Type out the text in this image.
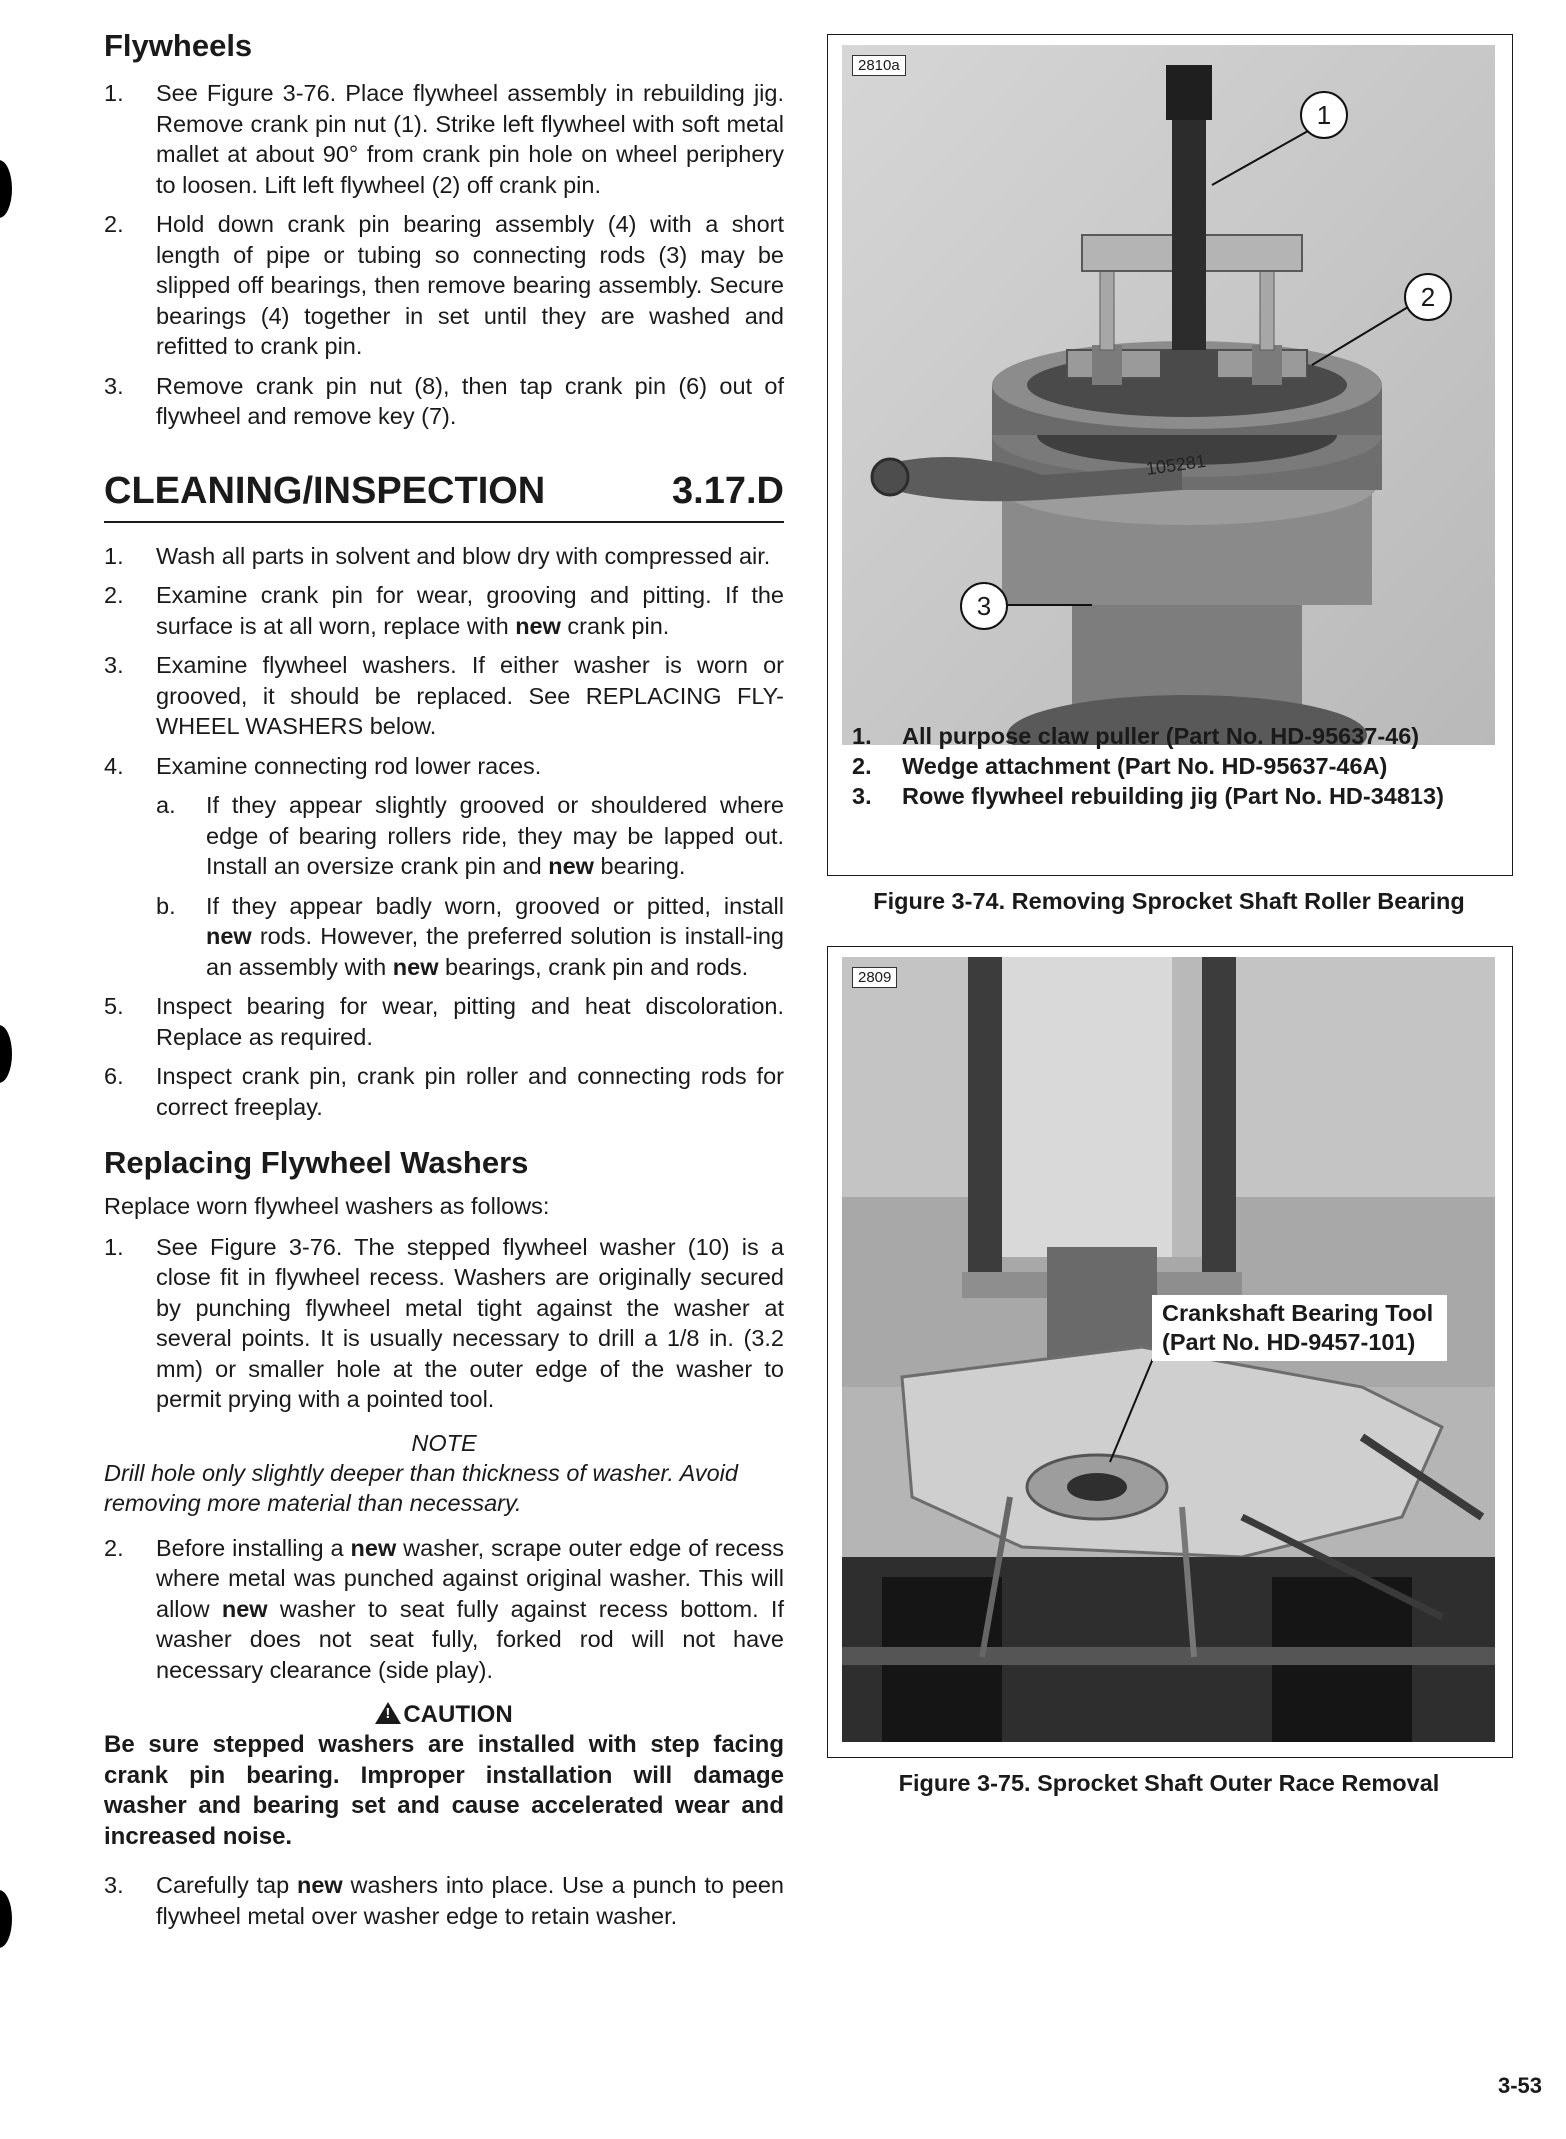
Flywheels
1.	See Figure 3-76. Place flywheel assembly in rebuilding jig. Remove crank pin nut (1). Strike left flywheel with soft metal mallet at about 90° from crank pin hole on wheel periphery to loosen. Lift left flywheel (2) off crank pin.
2.	Hold down crank pin bearing assembly (4) with a short length of pipe or tubing so connecting rods (3) may be slipped off bearings, then remove bearing assembly. Secure bearings (4) together in set until they are washed and refitted to crank pin.
3.	Remove crank pin nut (8), then tap crank pin (6) out of flywheel and remove key (7).
CLEANING/INSPECTION	3.17.D
1.	Wash all parts in solvent and blow dry with compressed air.
2.	Examine crank pin for wear, grooving and pitting. If the surface is at all worn, replace with new crank pin.
3.	Examine flywheel washers. If either washer is worn or grooved, it should be replaced. See REPLACING FLY-WHEEL WASHERS below.
4.	Examine connecting rod lower races.
a.	If they appear slightly grooved or shouldered where edge of bearing rollers ride, they may be lapped out. Install an oversize crank pin and new bearing.
b.	If they appear badly worn, grooved or pitted, install new rods. However, the preferred solution is install-ing an assembly with new bearings, crank pin and rods.
5.	Inspect bearing for wear, pitting and heat discoloration. Replace as required.
6.	Inspect crank pin, crank pin roller and connecting rods for correct freeplay.
Replacing Flywheel Washers
Replace worn flywheel washers as follows:
1.	See Figure 3-76. The stepped flywheel washer (10) is a close fit in flywheel recess. Washers are originally secured by punching flywheel metal tight against the washer at several points. It is usually necessary to drill a 1/8 in. (3.2 mm) or smaller hole at the outer edge of the washer to permit prying with a pointed tool.
NOTE
Drill hole only slightly deeper than thickness of washer. Avoid removing more material than necessary.
2.	Before installing a new washer, scrape outer edge of recess where metal was punched against original washer. This will allow new washer to seat fully against recess bottom. If washer does not seat fully, forked rod will not have necessary clearance (side play).
!CAUTION
Be sure stepped washers are installed with step facing crank pin bearing. Improper installation will damage washer and bearing set and cause accelerated wear and increased noise.
3.	Carefully tap new washers into place. Use a punch to peen flywheel metal over washer edge to retain washer.
2810a
105281
1
2
3
1.	All purpose claw puller (Part No. HD-95637-46)
2.	Wedge attachment (Part No. HD-95637-46A)
3.	Rowe flywheel rebuilding jig (Part No. HD-34813)
Figure 3-74. Removing Sprocket Shaft Roller Bearing
2809
Crankshaft Bearing Tool
(Part No. HD-9457-101)
Figure 3-75. Sprocket Shaft Outer Race Removal
3-53
